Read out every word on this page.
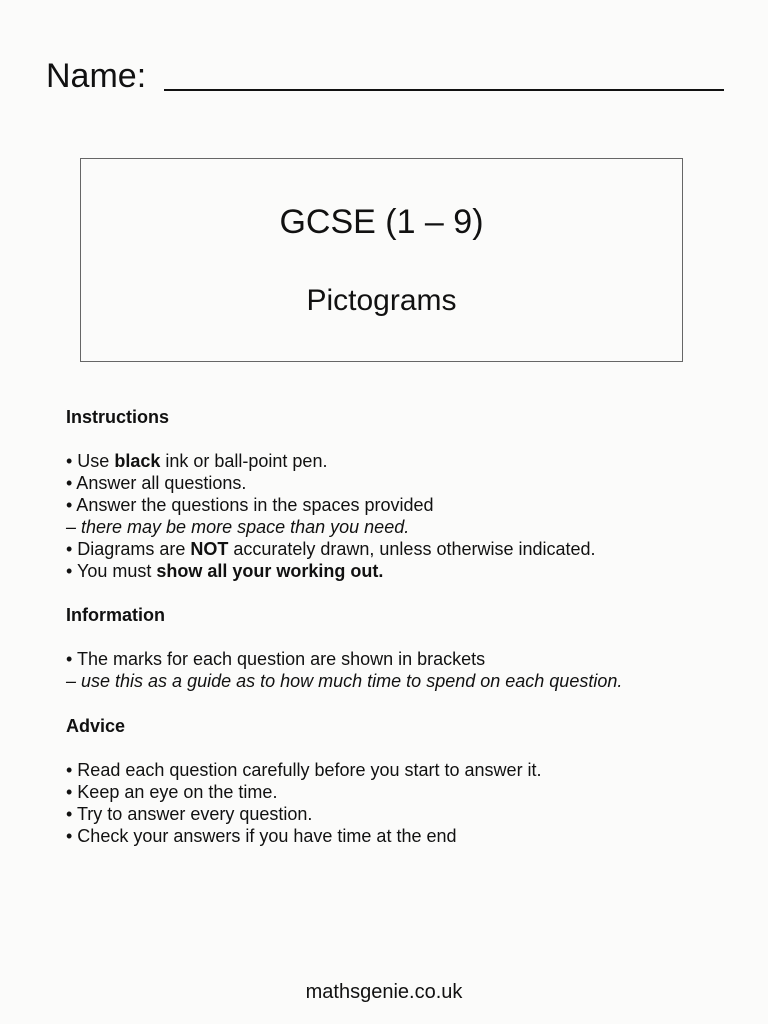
Name:
GCSE (1 – 9)
Pictograms
Instructions
• Use black ink or ball-point pen.
• Answer all questions.
• Answer the questions in the spaces provided
– there may be more space than you need.
• Diagrams are NOT accurately drawn, unless otherwise indicated.
• You must show all your working out.
Information
• The marks for each question are shown in brackets
– use this as a guide as to how much time to spend on each question.
Advice
• Read each question carefully before you start to answer it.
• Keep an eye on the time.
• Try to answer every question.
• Check your answers if you have time at the end
mathsgenie.co.uk
